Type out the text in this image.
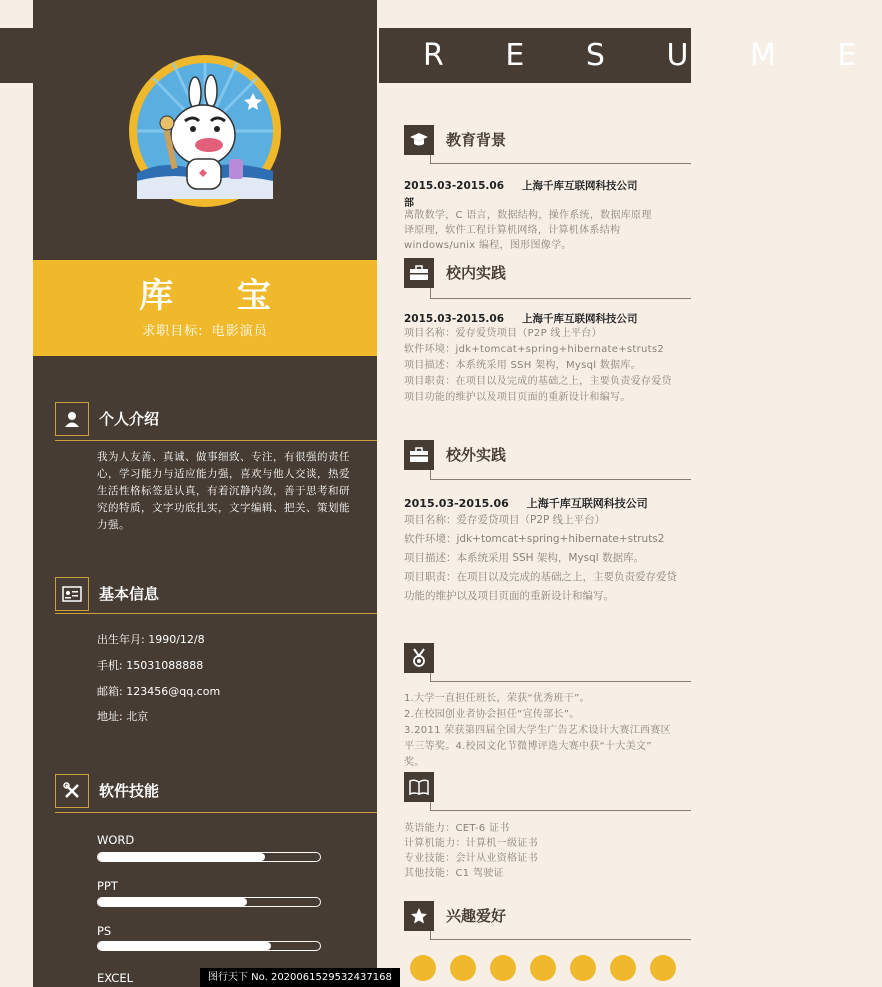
R E S U M E
库 宝
求职目标: 电影演员
个人介绍
我为人友善、真诚、做事细致、专注，有很强的责任心，学习能力与适应能力强，喜欢与他人交谈，热爱生活性格标签是认真，有着沉静内敛，善于思考和研究的特质，文字功底扎实，文字编辑、把关、策划能力强。
基本信息
出生年月: 1990/12/8
手机: 15031088888
邮箱: 123456@qq.com
地址: 北京
软件技能
WORD
PPT
PS
EXCEL
教育背景
2015.03-2015.06 上海千库互联网科技公司
部
离散数学，C 语言，数据结构，操作系统，数据库原理
译原理，软件工程计算机网络，计算机体系结构
windows/unix 编程，图形图像学。
校内实践
2015.03-2015.06 上海千库互联网科技公司
项目名称：爱存爱贷项目（P2P 线上平台）
软件环境：jdk+tomcat+spring+hibernate+struts2
项目描述：本系统采用 SSH 架构，Mysql 数据库。
项目职责：在项目以及完成的基础之上，主要负责爱存爱贷
项目功能的维护以及项目页面的重新设计和编写。
校外实践
2015.03-2015.06 上海千库互联网科技公司
项目名称：爱存爱贷项目（P2P 线上平台）
软件环境：jdk+tomcat+spring+hibernate+struts2
项目描述：本系统采用 SSH 架构，Mysql 数据库。
项目职责：在项目以及完成的基础之上，主要负责爱存爱贷
功能的维护以及项目页面的重新设计和编写。
1.大学一直担任班长，荣获“优秀班干”。
2.在校园创业者协会担任“宣传部长”。
3.2011 荣获第四届全国大学生广告艺术设计大赛江西赛区
平三等奖。4.校园文化节微博评选大赛中获“十大美文”
奖。
英语能力：CET-6 证书
计算机能力：计算机一级证书
专业技能：会计从业资格证书
其他技能：C1 驾驶证
兴趣爱好
图行天下 No. 20200615295324371​68
